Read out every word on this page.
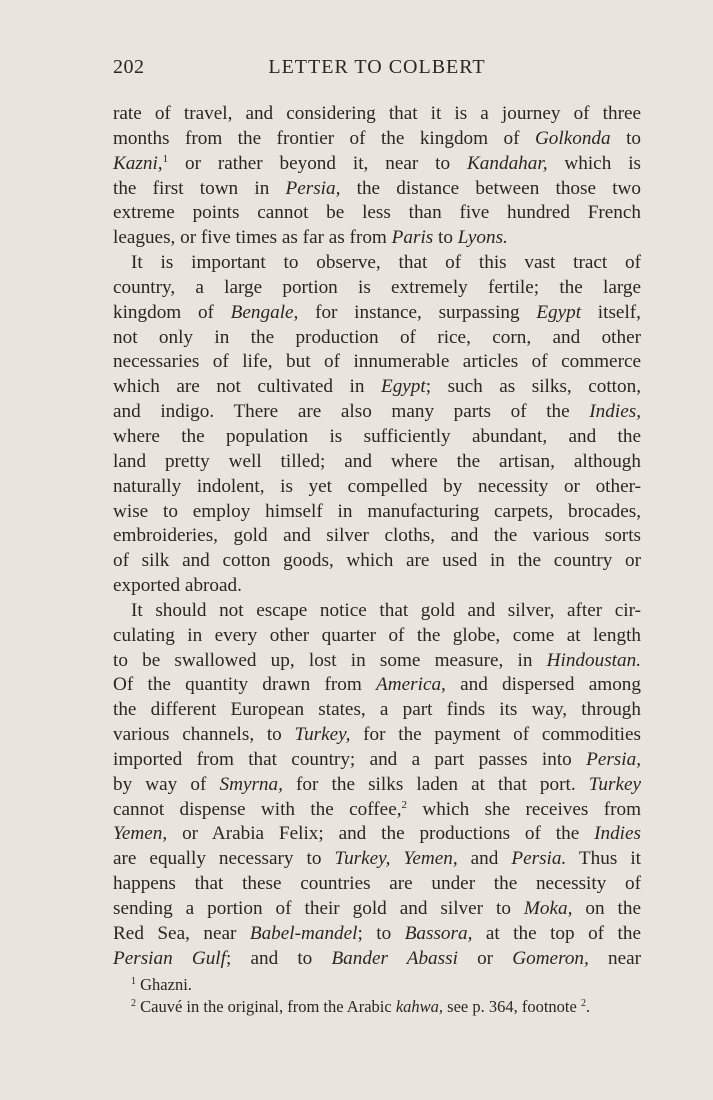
202	LETTER TO COLBERT
rate of travel, and considering that it is a journey of three
months from the frontier of the kingdom of Golkonda to
Kazni,$^1$ or rather beyond it, near to Kandahar, which is
the first town in Persia, the distance between those two
extreme points cannot be less than five hundred French
leagues, or five times as far as from Paris to Lyons.
It is important to observe, that of this vast tract of
country, a large portion is extremely fertile; the large
kingdom of Bengale, for instance, surpassing Egypt itself,
not only in the production of rice, corn, and other
necessaries of life, but of innumerable articles of commerce
which are not cultivated in Egypt; such as silks, cotton,
and indigo. There are also many parts of the Indies,
where the population is sufficiently abundant, and the
land pretty well tilled; and where the artisan, although
naturally indolent, is yet compelled by necessity or other-
wise to employ himself in manufacturing carpets, brocades,
embroideries, gold and silver cloths, and the various sorts
of silk and cotton goods, which are used in the country or
exported abroad.
It should not escape notice that gold and silver, after cir-
culating in every other quarter of the globe, come at length
to be swallowed up, lost in some measure, in Hindoustan.
Of the quantity drawn from America, and dispersed among
the different European states, a part finds its way, through
various channels, to Turkey, for the payment of commodities
imported from that country; and a part passes into Persia,
by way of Smyrna, for the silks laden at that port. Turkey
cannot dispense with the coffee,$^2$ which she receives from
Yemen, or Arabia Felix; and the productions of the Indies
are equally necessary to Turkey, Yemen, and Persia. Thus it
happens that these countries are under the necessity of
sending a portion of their gold and silver to Moka, on the
Red Sea, near Babel-mandel; to Bassora, at the top of the
Persian Gulf; and to Bander Abassi or Gomeron, near
$^1$ Ghazni.
$^2$ Cauvé in the original, from the Arabic kahwa, see p. 364, footnote $^2$.
